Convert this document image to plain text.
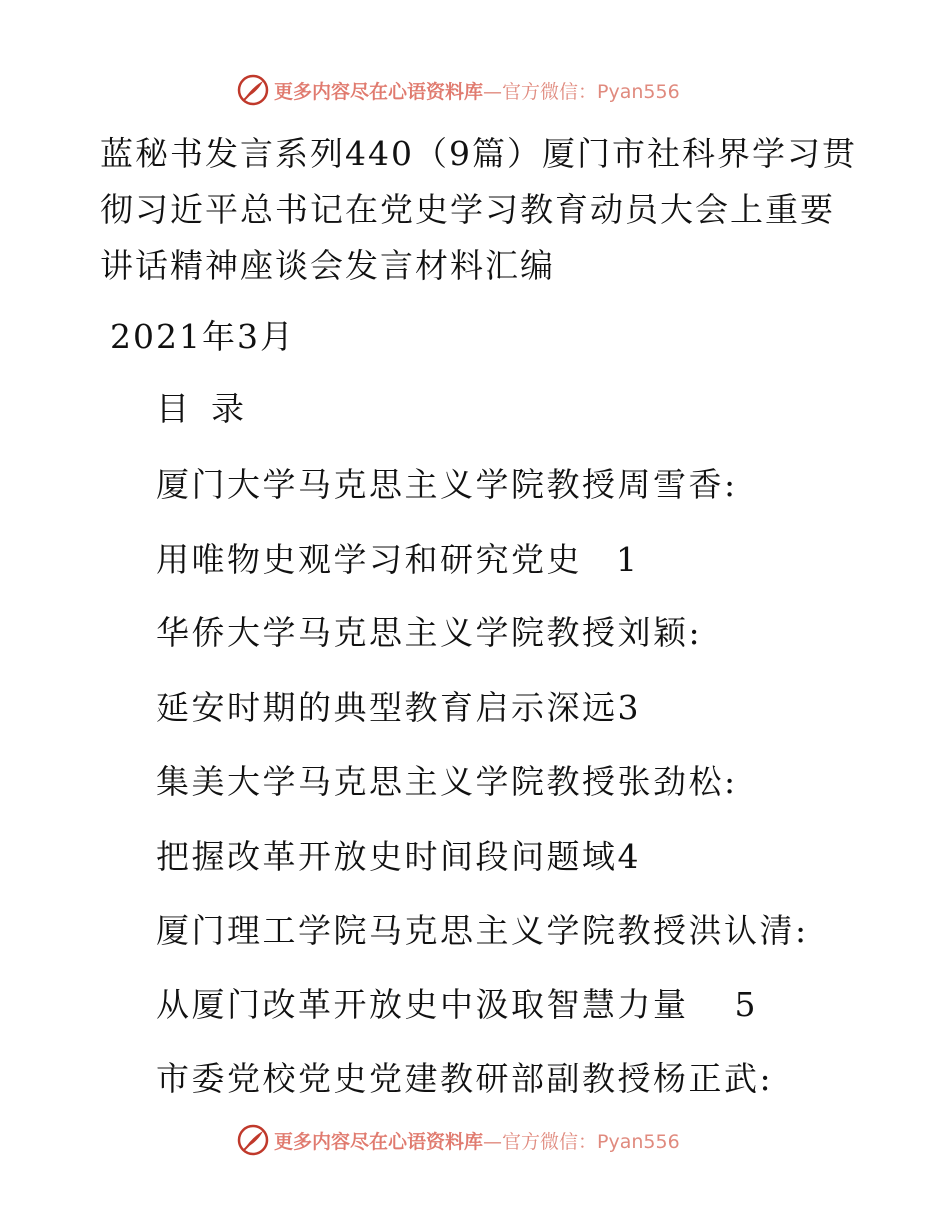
更多内容尽在心语资料库 —官方微信：Pyan556
蓝秘书发言系列440（9篇）厦门市社科界学习贯彻习近平总书记在党史学习教育动员大会上重要讲话精神座谈会发言材料汇编
2021年3月
目 录
厦门大学马克思主义学院教授周雪香:
用唯物史观学习和研究党史 1
华侨大学马克思主义学院教授刘颖:
延安时期的典型教育启示深远3
集美大学马克思主义学院教授张劲松:
把握改革开放史时间段问题域4
厦门理工学院马克思主义学院教授洪认清:
从厦门改革开放史中汲取智慧力量 5
市委党校党史党建教研部副教授杨正武:
更多内容尽在心语资料库 —官方微信：Pyan556
